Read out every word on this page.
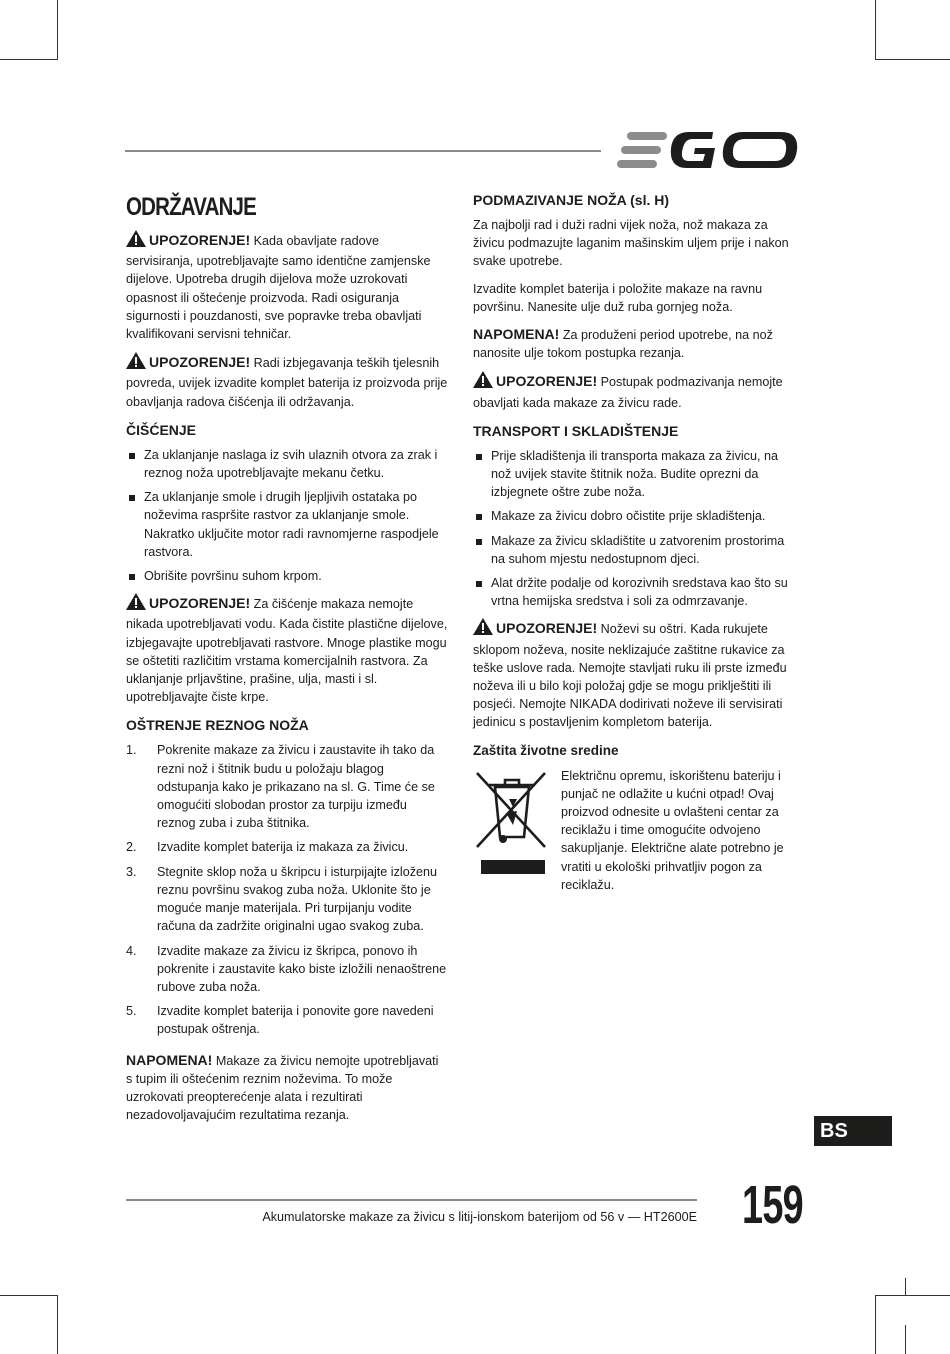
ODRŽAVANJE

UPOZORENJE! Kada obavljate radove servisiranja, upotrebljavajte samo identične zamjenske dijelove. Upotreba drugih dijelova može uzrokovati opasnost ili oštećenje proizvoda. Radi osiguranja sigurnosti i pouzdanosti, sve popravke treba obavljati kvalifikovani servisni tehničar.

UPOZORENJE! Radi izbjegavanja teških tjelesnih povreda, uvijek izvadite komplet baterija iz proizvoda prije obavljanja radova čišćenja ili održavanja.

ČIŠĆENJE
Za uklanjanje naslaga iz svih ulaznih otvora za zrak i reznog noža upotrebljavajte mekanu četku.
Za uklanjanje smole i drugih ljepljivih ostataka po noževima raspršite rastvor za uklanjanje smole. Nakratko uključite motor radi ravnomjerne raspodjele rastvora.
Obrišite površinu suhom krpom.

UPOZORENJE! Za čišćenje makaza nemojte nikada upotrebljavati vodu. Kada čistite plastične dijelove, izbjegavajte upotrebljavati rastvore. Mnoge plastike mogu se oštetiti različitim vrstama komercijalnih rastvora. Za uklanjanje prljavštine, prašine, ulja, masti i sl. upotrebljavajte čiste krpe.

OŠTRENJE REZNOG NOŽA
1. Pokrenite makaze za živicu i zaustavite ih tako da rezni nož i štitnik budu u položaju blagog odstupanja kako je prikazano na sl. G. Time će se omogućiti slobodan prostor za turpiju između reznog zuba i zuba štitnika.
2. Izvadite komplet baterija iz makaza za živicu.
3. Stegnite sklop noža u škripcu i isturpijajte izloženu reznu površinu svakog zuba noža. Uklonite što je moguće manje materijala. Pri turpijanju vodite računa da zadržite originalni ugao svakog zuba.
4. Izvadite makaze za živicu iz škripca, ponovo ih pokrenite i zaustavite kako biste izložili nenaoštrene rubove zuba noža.
5. Izvadite komplet baterija i ponovite gore navedeni postupak oštrenja.

NAPOMENA! Makaze za živicu nemojte upotrebljavati s tupim ili oštećenim reznim noževima. To može uzrokovati preopterećenje alata i rezultirati nezadovoljavajućim rezultatima rezanja.

PODMAZIVANJE NOŽA (sl. H)

Za najbolji rad i duži radni vijek noža, nož makaza za živicu podmazujte laganim mašinskim uljem prije i nakon svake upotrebe.

Izvadite komplet baterija i položite makaze na ravnu površinu. Nanesite ulje duž ruba gornjeg noža.

NAPOMENA! Za produženi period upotrebe, na nož nanosite ulje tokom postupka rezanja.

UPOZORENJE! Postupak podmazivanja nemojte obavljati kada makaze za živicu rade.

TRANSPORT I SKLADIŠTENJE
Prije skladištenja ili transporta makaza za živicu, na nož uvijek stavite štitnik noža. Budite oprezni da izbjegnete oštre zube noža.
Makaze za živicu dobro očistite prije skladištenja.
Makaze za živicu skladištite u zatvorenim prostorima na suhom mjestu nedostupnom djeci.
Alat držite podalje od korozivnih sredstava kao što su vrtna hemijska sredstva i soli za odmrzavanje.

UPOZORENJE! Noževi su oštri. Kada rukujete sklopom noževa, nosite neklizajuće zaštitne rukavice za teške uslove rada. Nemojte stavljati ruku ili prste između noževa ili u bilo koji položaj gdje se mogu priklještiti ili posjeći. Nemojte NIKADA dodirivati noževe ili servisirati jedinicu s postavljenim kompletom baterija.

Zaštita životne sredine
Električnu opremu, iskorištenu bateriju i punjač ne odlažite u kućni otpad! Ovaj proizvod odnesite u ovlašteni centar za reciklažu i time omogućite odvojeno sakupljanje. Električne alate potrebno je vratiti u ekološki prihvatljiv pogon za reciklažu.
BS
Akumulatorske makaze za živicu s litij-ionskom baterijom od 56 v — HT2600E 159
